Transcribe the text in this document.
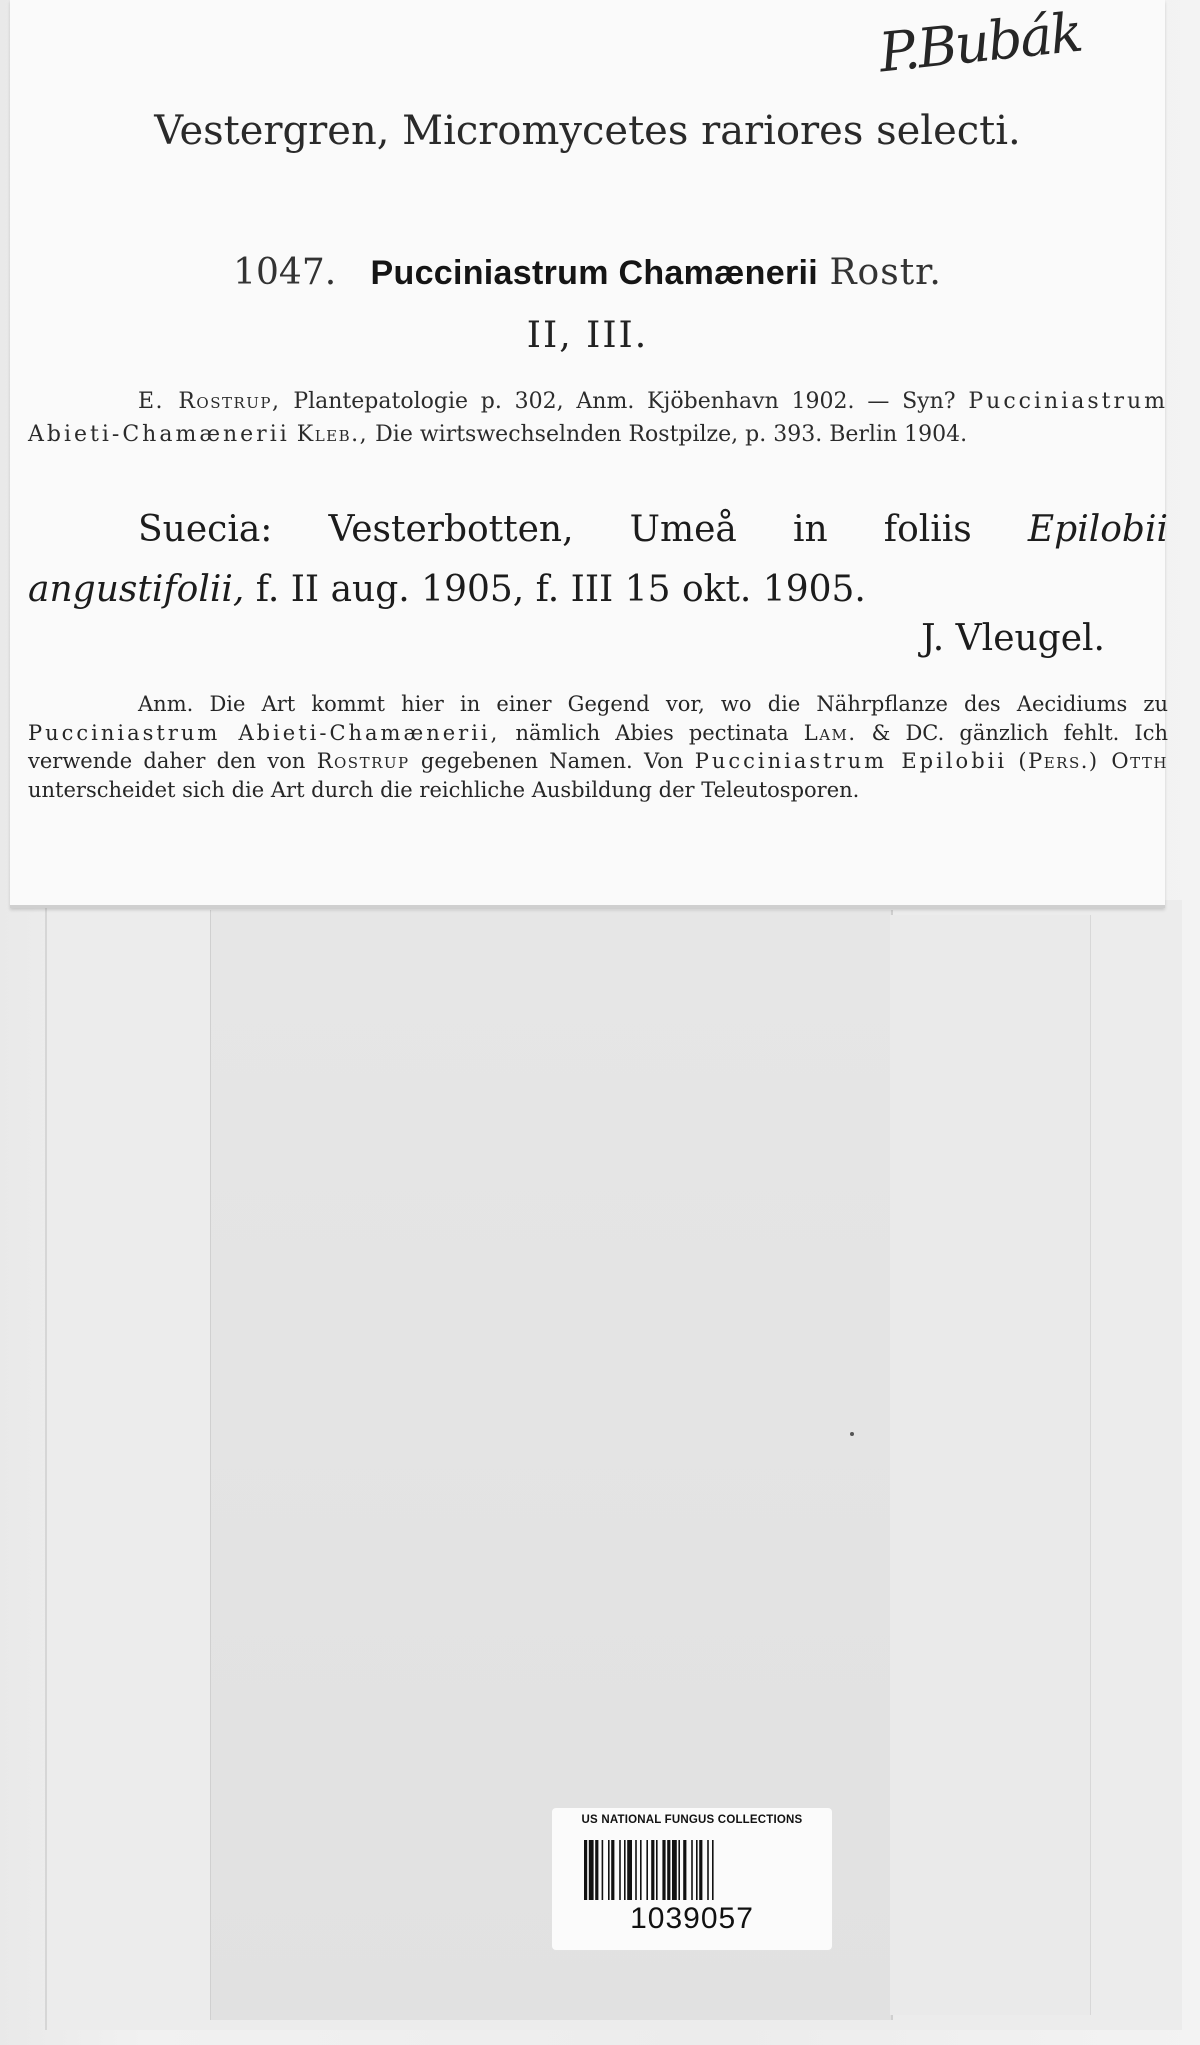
P.Bubák
Vestergren, Micromycetes rariores selecti.
1047. Pucciniastrum Chamænerii Rostr.
II, III.
E. Rostrup, Plantepatologie p. 302, Anm. Kjöbenhavn 1902. — Syn? Pucciniastrum Abieti-Chamænerii Kleb., Die wirtswechselnden Rostpilze, p. 393. Berlin 1904.
Suecia: Vesterbotten, Umeå in foliis Epilobii angustifolii, f. II aug. 1905, f. III 15 okt. 1905.
J. Vleugel.
Anm. Die Art kommt hier in einer Gegend vor, wo die Nährpflanze des Aecidiums zu Pucciniastrum Abieti-Chamænerii, nämlich Abies pectinata Lam. & DC. gänzlich fehlt. Ich verwende daher den von Rostrup gegebenen Namen. Von Pucciniastrum Epilobii (Pers.) Otth unterscheidet sich die Art durch die reichliche Ausbildung der Teleutosporen.
US NATIONAL FUNGUS COLLECTIONS
1039057
